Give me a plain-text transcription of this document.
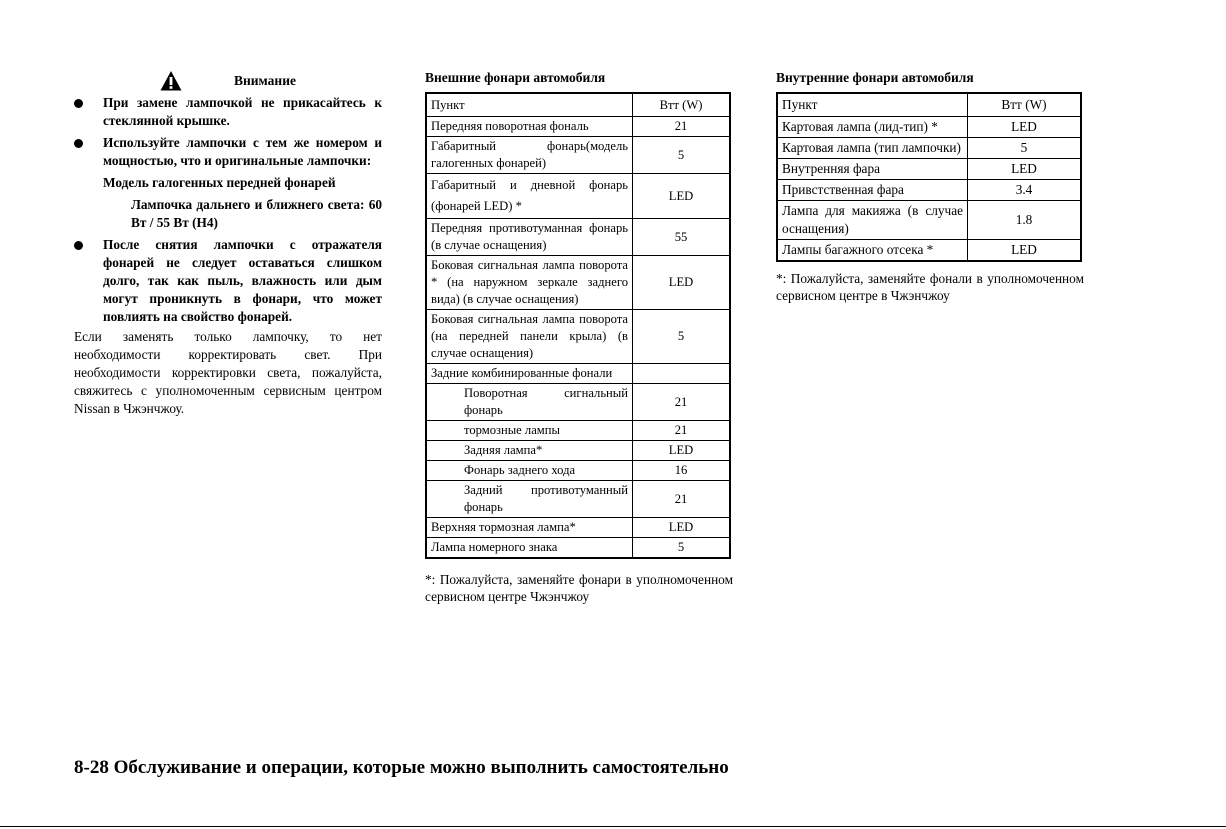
Внимание
При замене лампочкой не прикасайтесь к стеклянной крышке.
Используйте лампочки с тем же номером и мощностью, что и оригинальные лампочки:
Модель галогенных передней фонарей
Лампочка дальнего и ближнего света: 60 Вт / 55 Вт (H4)
После снятия лампочки с отражателя фонарей не следует оставаться слишком долго, так как пыль, влажность или дым могут проникнуть в фонари, что может повлиять на свойство фонарей.
Если заменять только лампочку, то нет необходимости корректировать свет. При необходимости корректировки света, пожалуйста, свяжитесь с уполномоченным сервисным центром Nissan в Чжэнчжоу.
Внешние фонари автомобиля
Пункт	Втт (W)
Передняя поворотная фональ	21
Габаритный фонарь(модель галогенных фонарей)	5
Габаритный и дневной фонарь (фонарей LED) *	LED
Передняя противотуманная фонарь (в случае оснащения)	55
Боковая сигнальная лампа поворота * (на наружном зеркале заднего вида) (в случае оснащения)	LED
Боковая сигнальная лампа поворота (на передней панели крыла) (в случае оснащения)	5
Задние комбинированные фонали	
Поворотная сигнальный фонарь	21
тормозные лампы	21
Задняя лампа*	LED
Фонарь заднего хода	16
Задний противотуманный фонарь	21
Верхняя тормозная лампа*	LED
Лампа номерного знака	5
*: Пожалуйста, заменяйте фонари в уполномоченном сервисном центре Чжэнчжоу
Внутренние фонари автомобиля
Пункт	Втт (W)
Картовая лампа (лид-тип) *	LED
Картовая лампа (тип лампочки)	5
Внутренняя фара	LED
Привстственная фара	3.4
Лампа для макияжа (в случае оснащения)	1.8
Лампы багажного отсека *	LED
*: Пожалуйста, заменяйте фонали в уполномоченном сервисном центре в Чжэнчжоу
8-28 Обслуживание и операции, которые можно выполнить самостоятельно
